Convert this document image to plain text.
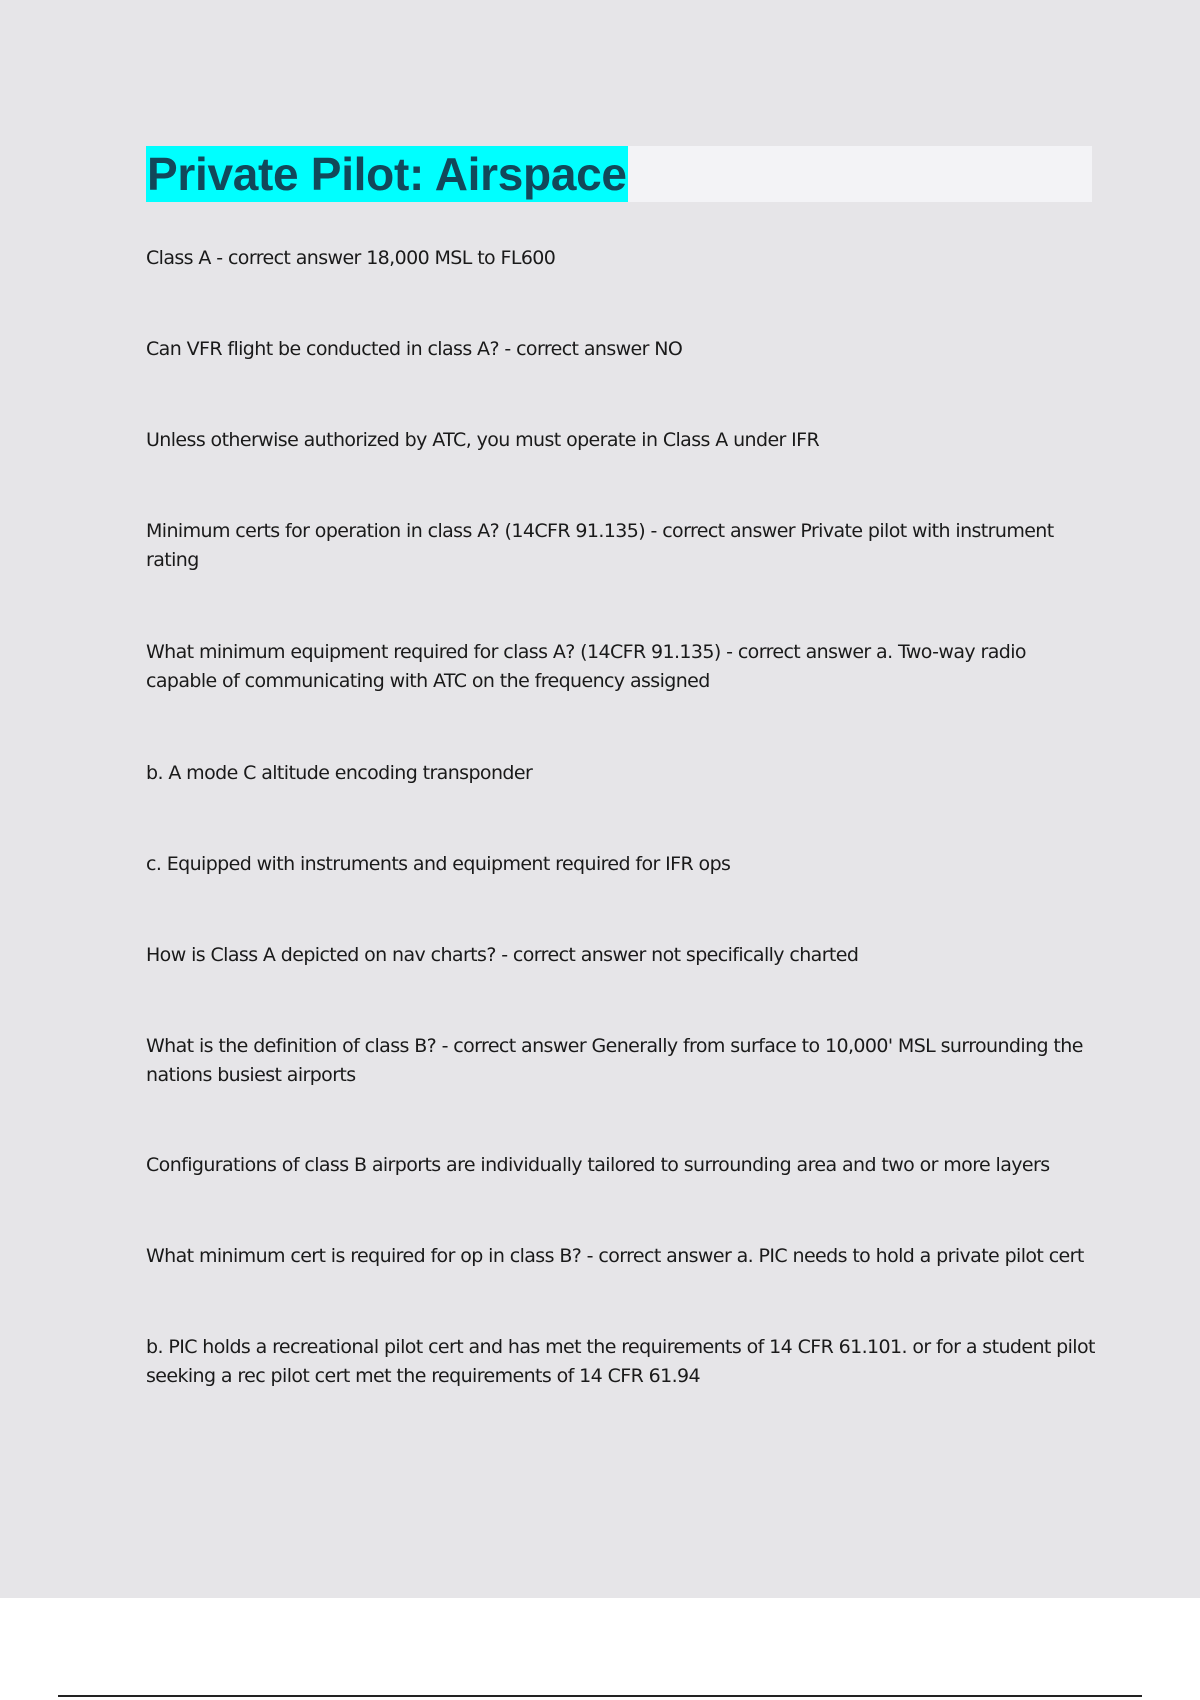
Private Pilot: Airspace

Class A - correct answer 18,000 MSL to FL600

Can VFR flight be conducted in class A? - correct answer NO

Unless otherwise authorized by ATC, you must operate in Class A under IFR

Minimum certs for operation in class A? (14CFR 91.135) - correct answer Private pilot with instrument rating

What minimum equipment required for class A? (14CFR 91.135) - correct answer a. Two-way radio capable of communicating with ATC on the frequency assigned

b. A mode C altitude encoding transponder

c. Equipped with instruments and equipment required for IFR ops

How is Class A depicted on nav charts? - correct answer not specifically charted

What is the definition of class B? - correct answer Generally from surface to 10,000' MSL surrounding the nations busiest airports

Configurations of class B airports are individually tailored to surrounding area and two or more layers

What minimum cert is required for op in class B? - correct answer a. PIC needs to hold a private pilot cert

b. PIC holds a recreational pilot cert and has met the requirements of 14 CFR 61.101. or for a student pilot seeking a rec pilot cert met the requirements of 14 CFR 61.94
